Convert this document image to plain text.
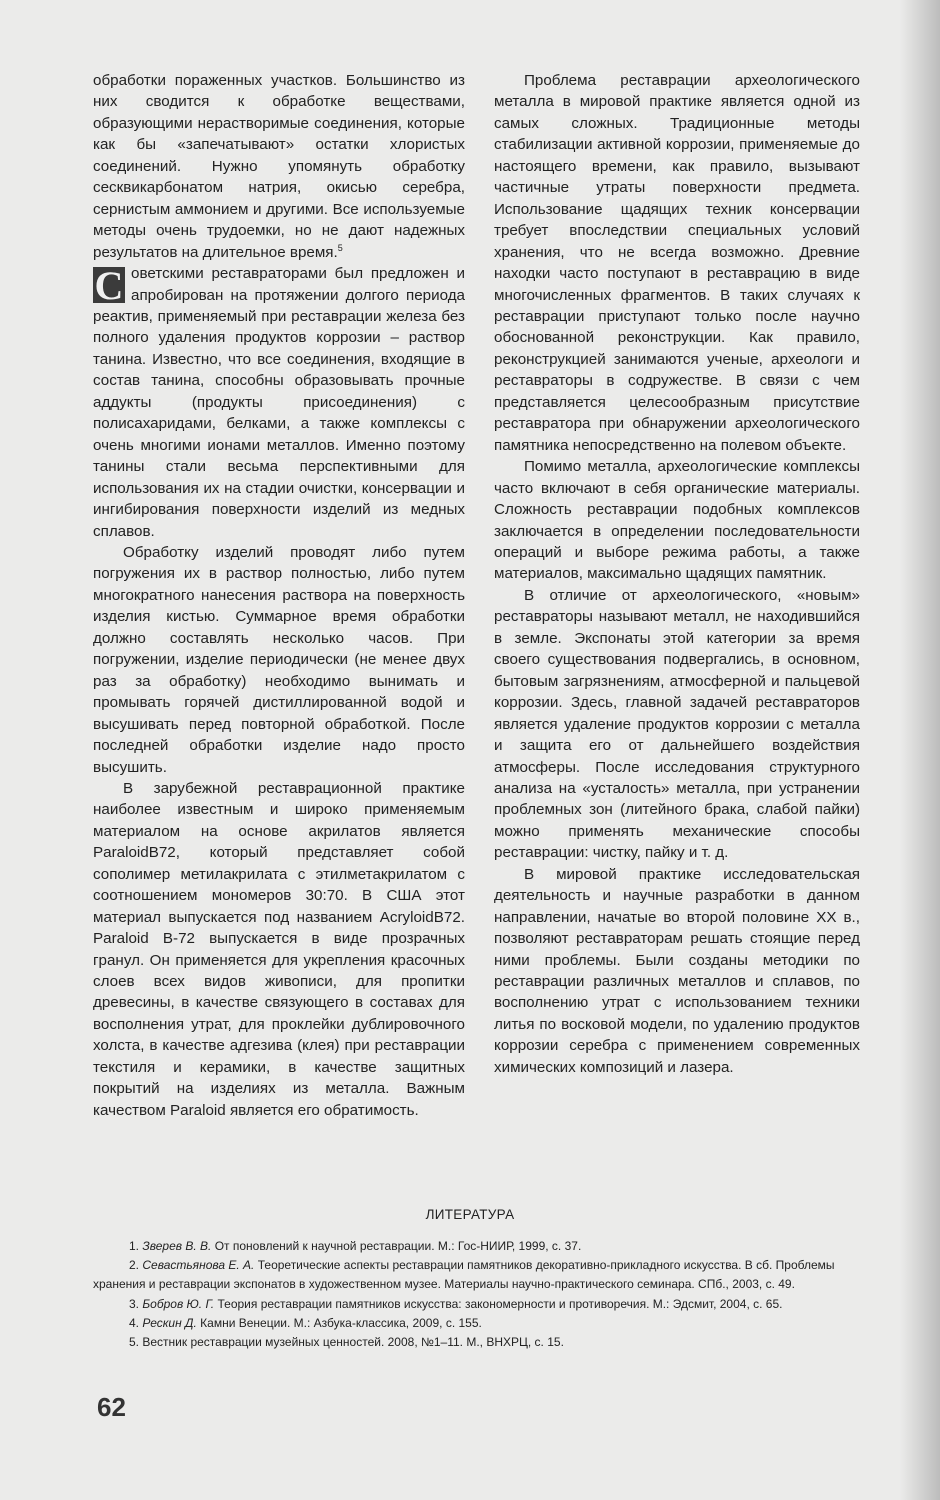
обработки пораженных участков. Большинство из них сводится к обработке веществами, образующими нерастворимые соединения, которые как бы «запечатывают» остатки хлористых соединений. Нужно упомянуть обработку сесквикарбонатом натрия, окисью серебра, сернистым аммонием и другими. Все используемые методы очень трудоемки, но не дают надежных результатов на длительное время.$^5$

С оветскими реставраторами был предложен и апробирован на протяжении долгого периода реактив, применяемый при реставрации железа без полного удаления продуктов коррозии – раствор танина. Известно, что все соединения, входящие в состав танина, способны образовывать прочные аддукты (продукты присоединения) с полисахаридами, белками, а также комплексы с очень многими ионами металлов. Именно поэтому танины стали весьма перспективными для использования их на стадии очистки, консервации и ингибирования поверхности изделий из медных сплавов.

Обработку изделий проводят либо путем погружения их в раствор полностью, либо путем многократного нанесения раствора на поверхность изделия кистью. Суммарное время обработки должно составлять несколько часов. При погружении, изделие периодически (не менее двух раз за обработку) необходимо вынимать и промывать горячей дистиллированной водой и высушивать перед повторной обработкой. После последней обработки изделие надо просто высушить.

В зарубежной реставрационной практике наиболее известным и широко применяемым материалом на основе акрилатов является ParaloidB72, который представляет собой сополимер метилакрилата с этилметакрилатом с соотношением мономеров 30:70. В США этот материал выпускается под названием AcryloidB72. Paraloid B-72 выпускается в виде прозрачных гранул. Он применяется для укрепления красочных слоев всех видов живописи, для пропитки древесины, в качестве связующего в составах для восполнения утрат, для проклейки дублировочного холста, в качестве адгезива (клея) при реставрации текстиля и керамики, в качестве защитных покрытий на изделиях из металла. Важным качеством Paraloid является его обратимость.

Проблема реставрации археологического металла в мировой практике является одной из самых сложных. Традиционные методы стабилизации активной коррозии, применяемые до настоящего времени, как правило, вызывают частичные утраты поверхности предмета. Использование щадящих техник консервации требует впоследствии специальных условий хранения, что не всегда возможно. Древние находки часто поступают в реставрацию в виде многочисленных фрагментов. В таких случаях к реставрации приступают только после научно обоснованной реконструкции. Как правило, реконструкцией занимаются ученые, археологи и реставраторы в содружестве. В связи с чем представляется целесообразным присутствие реставратора при обнаружении археологического памятника непосредственно на полевом объекте.

Помимо металла, археологические комплексы часто включают в себя органические материалы. Сложность реставрации подобных комплексов заключается в определении последовательности операций и выборе режима работы, а также материалов, максимально щадящих памятник.

В отличие от археологического, «новым» реставраторы называют металл, не находившийся в земле. Экспонаты этой категории за время своего существования подвергались, в основном, бытовым загрязнениям, атмосферной и пальцевой коррозии. Здесь, главной задачей реставраторов является удаление продуктов коррозии с металла и защита его от дальнейшего воздействия атмосферы. После исследования структурного анализа на «усталость» металла, при устранении проблемных зон (литейного брака, слабой пайки) можно применять механические способы реставрации: чистку, пайку и т. д.

В мировой практике исследовательская деятельность и научные разработки в данном направлении, начатые во второй половине XX в., позволяют реставраторам решать стоящие перед ними проблемы. Были созданы методики по реставрации различных металлов и сплавов, по восполнению утрат с использованием техники литья по восковой модели, по удалению продуктов коррозии серебра с применением современных химических композиций и лазера.

ЛИТЕРАТУРА
1. Зверев В. В. От поновлений к научной реставрации. М.: Гос-НИИР, 1999, с. 37.
2. Севастьянова Е. А. Теоретические аспекты реставрации памятников декоративно-прикладного искусства. В сб. Проблемы хранения и реставрации экспонатов в художественном музее. Материалы научно-практического семинара. СПб., 2003, с. 49.
3. Бобров Ю. Г. Теория реставрации памятников искусства: закономерности и противоречия. М.: Эдсмит, 2004, с. 65.
4. Рескин Д. Камни Венеции. М.: Азбука-классика, 2009, с. 155.
5. Вестник реставрации музейных ценностей. 2008, №1–11. М., ВНХРЦ, с. 15.
62
